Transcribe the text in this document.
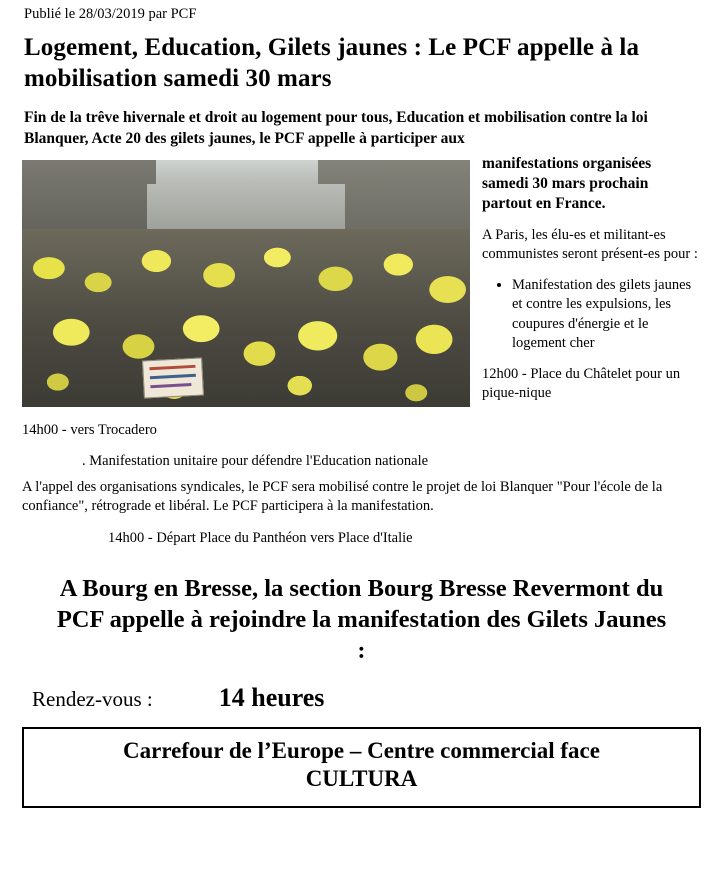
Publié le 28/03/2019 par PCF
Logement, Education, Gilets jaunes : Le PCF appelle à la mobilisation samedi 30 mars
Fin de la trêve hivernale et droit au logement pour tous, Education et mobilisation contre la loi Blanquer, Acte 20 des gilets jaunes, le PCF appelle à participer aux
manifestations organisées samedi 30 mars prochain partout en France.

A Paris, les élu-es et militant-es communistes seront présent-es pour :

• Manifestation des gilets jaunes et contre les expulsions, les coupures d'énergie et le logement cher

12h00 - Place du Châtelet pour un pique-nique

14h00 - vers Trocadero
. Manifestation unitaire pour défendre l'Education nationale
A l'appel des organisations syndicales, le PCF sera mobilisé contre le projet de loi Blanquer "Pour l'école de la confiance", rétrograde et libéral. Le PCF participera à la manifestation.
14h00 - Départ Place du Panthéon vers Place d'Italie
A Bourg en Bresse, la section Bourg Bresse Revermont du PCF appelle à rejoindre la manifestation des Gilets Jaunes :
Rendez-vous :	14 heures
Carrefour de l’Europe – Centre commercial face
CULTURA
